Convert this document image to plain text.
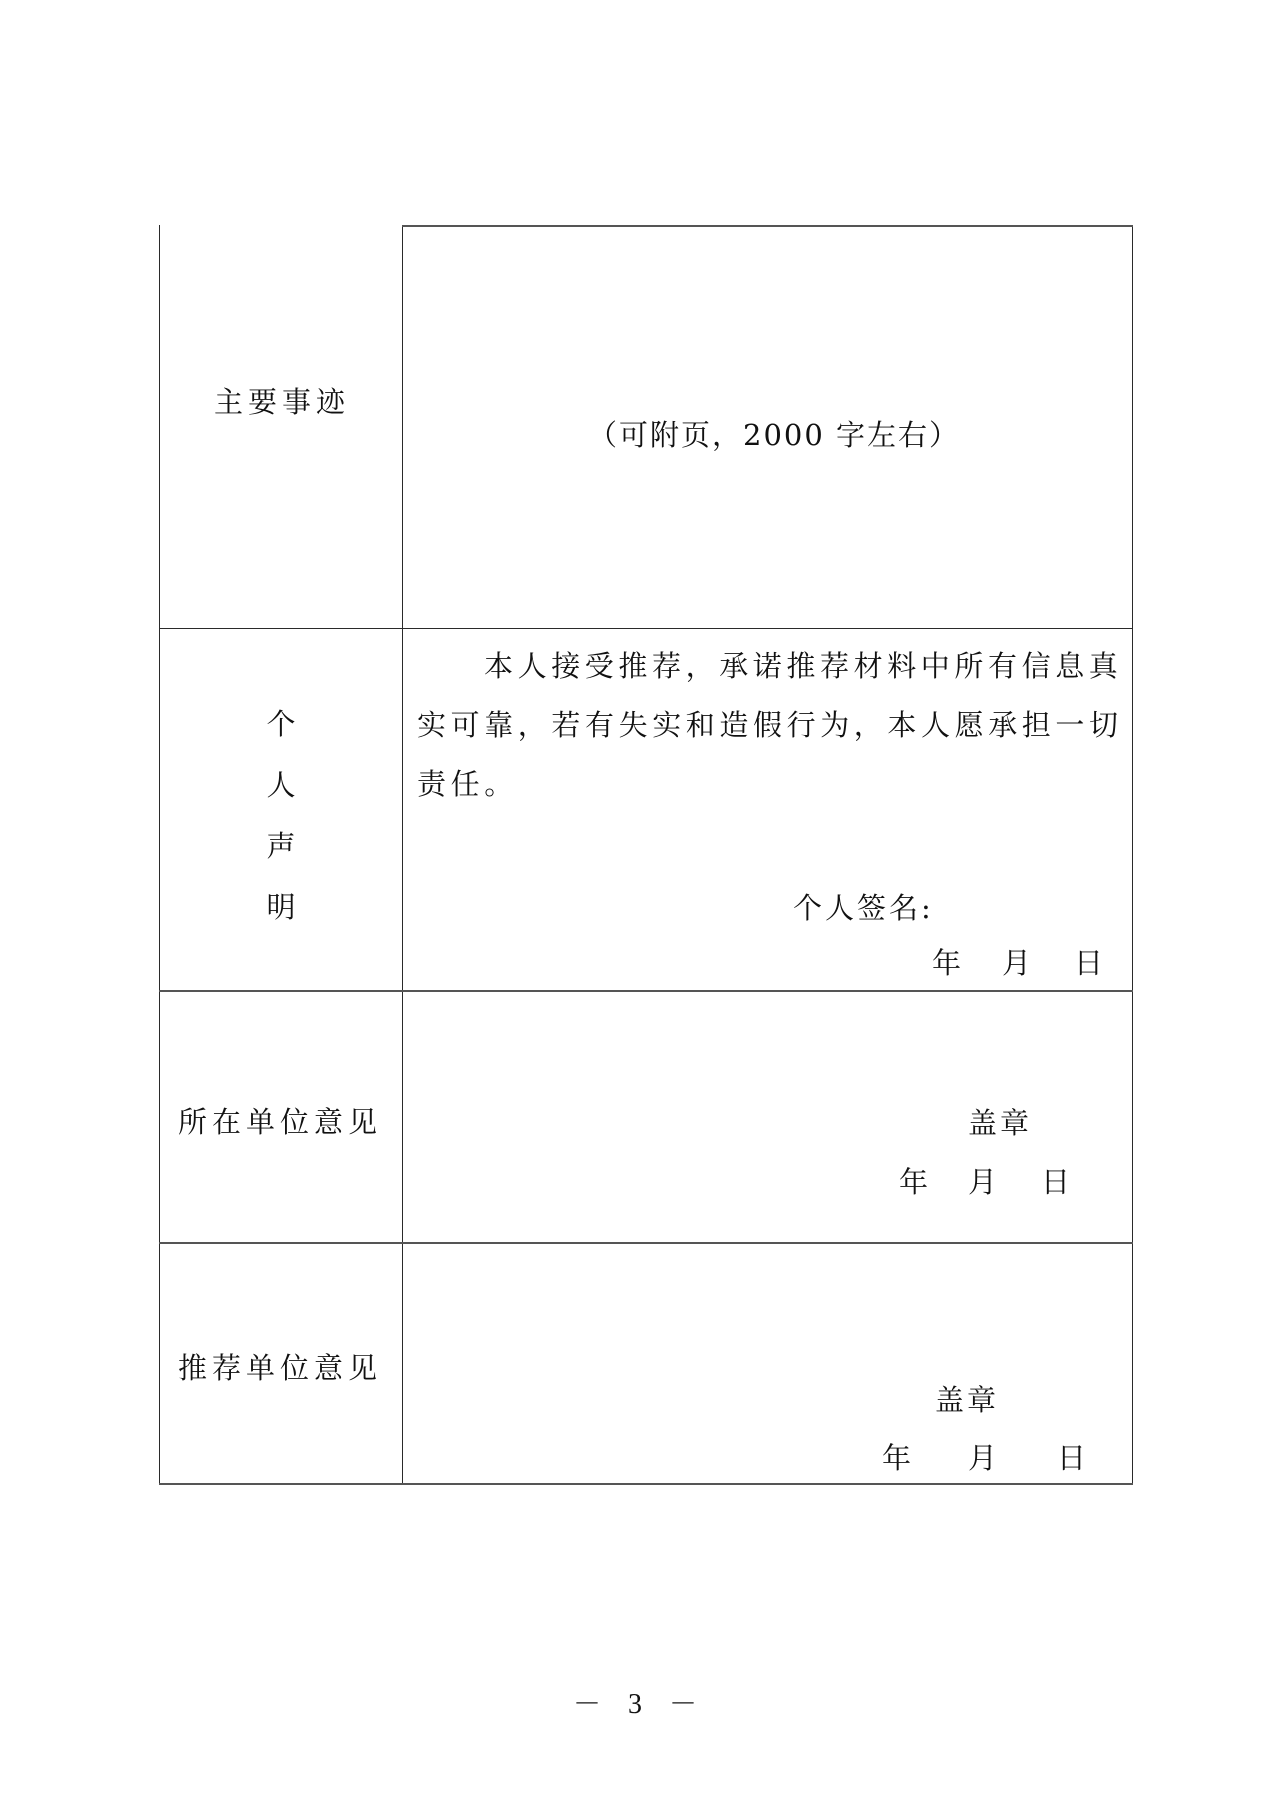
主要事迹
（可附页，2000 字左右）
个
人
声
明
本人接受推荐，承诺推荐材料中所有信息真实可靠，若有失实和造假行为，本人愿承担一切责任。
个人签名:
年 月 日
所在单位意见	盖章
年 月 日
推荐单位意见
盖章
年 月 日
－ 3 －
